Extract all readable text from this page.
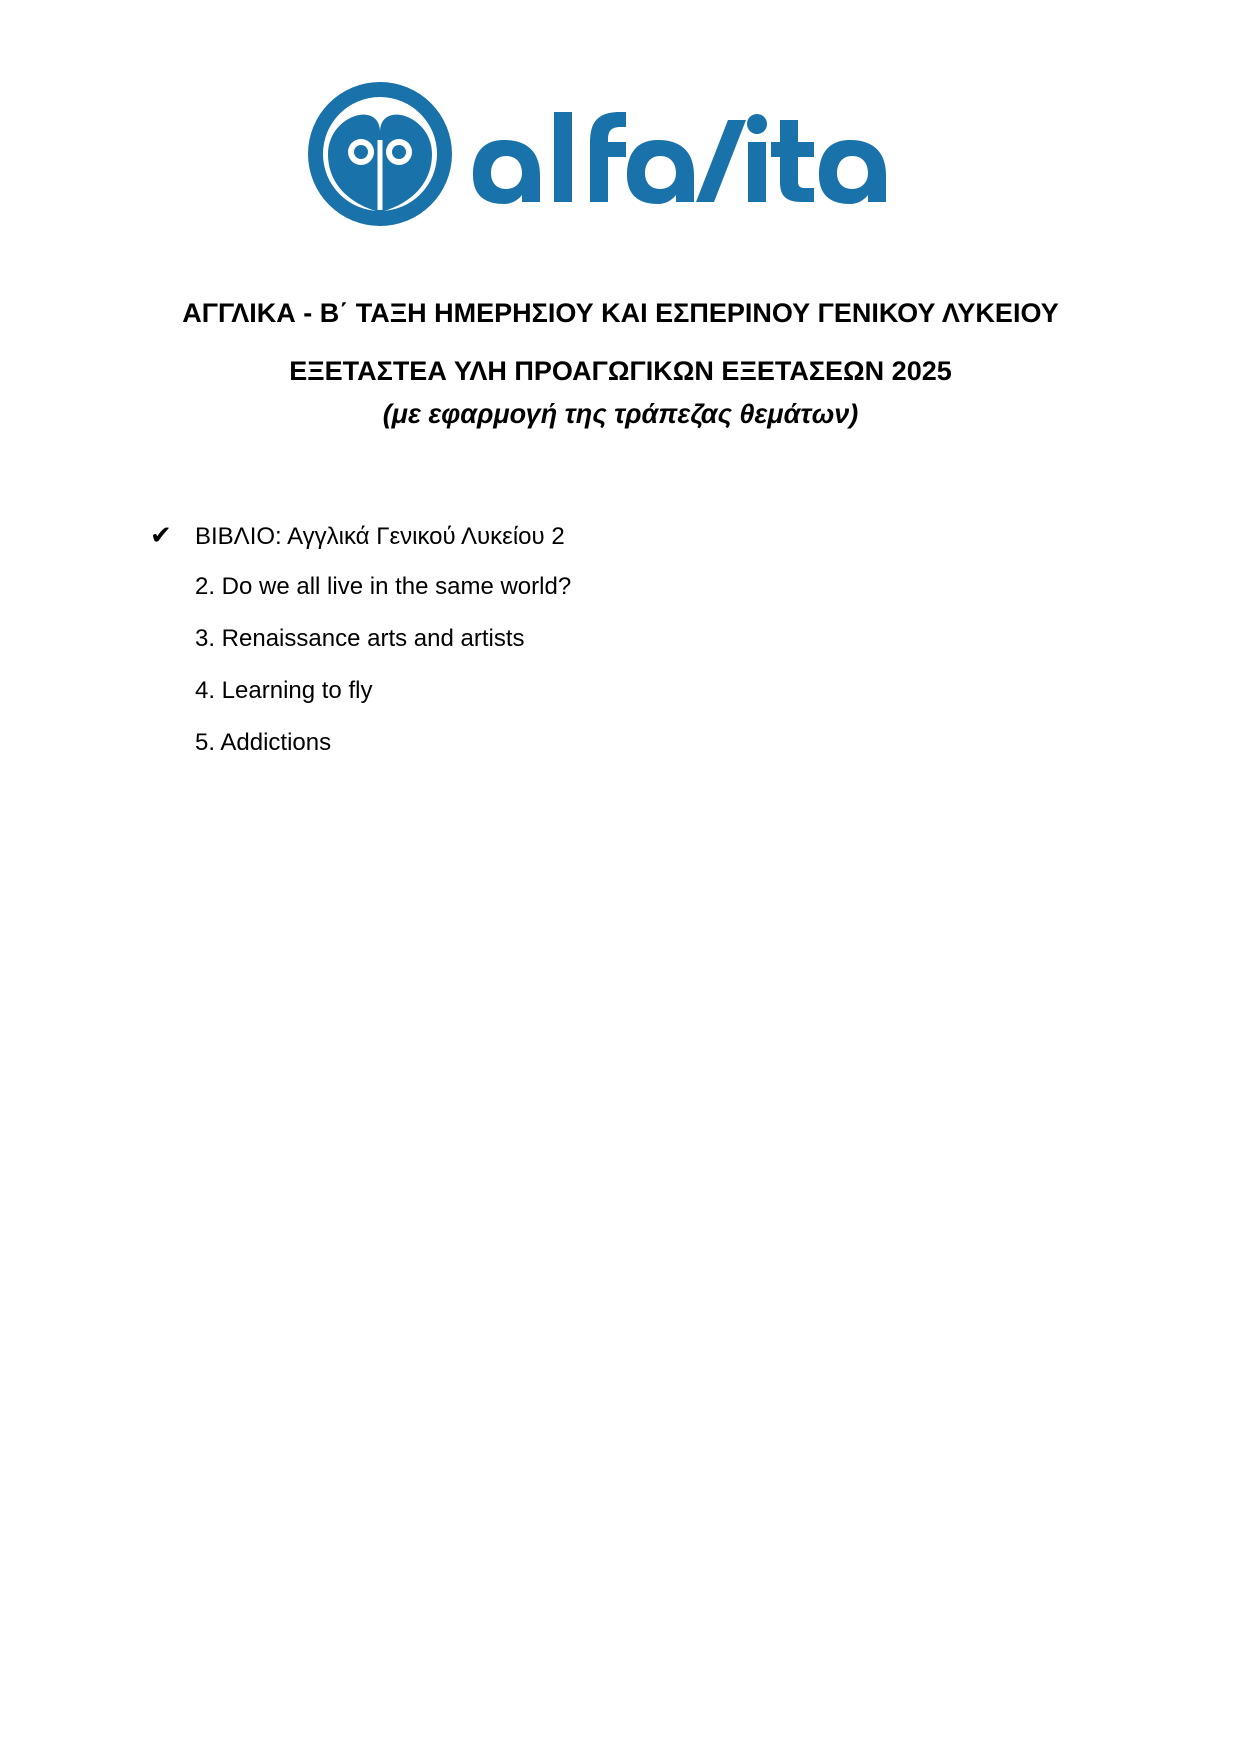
ΑΓΓΛΙΚΑ - Β΄ ΤΑΞΗ ΗΜΕΡΗΣΙΟΥ ΚΑΙ ΕΣΠΕΡΙΝΟΥ ΓΕΝΙΚΟΥ ΛΥΚΕΙΟΥ
ΕΞΕΤΑΣΤΕΑ ΥΛΗ ΠΡΟΑΓΩΓΙΚΩΝ ΕΞΕΤΑΣΕΩΝ 2025
(με εφαρμογή της τράπεζας θεμάτων)
✔ ΒΙΒΛΙΟ: Αγγλικά Γενικού Λυκείου 2
2. Do we all live in the same world?
3. Renaissance arts and artists
4. Learning to fly
5. Addictions
